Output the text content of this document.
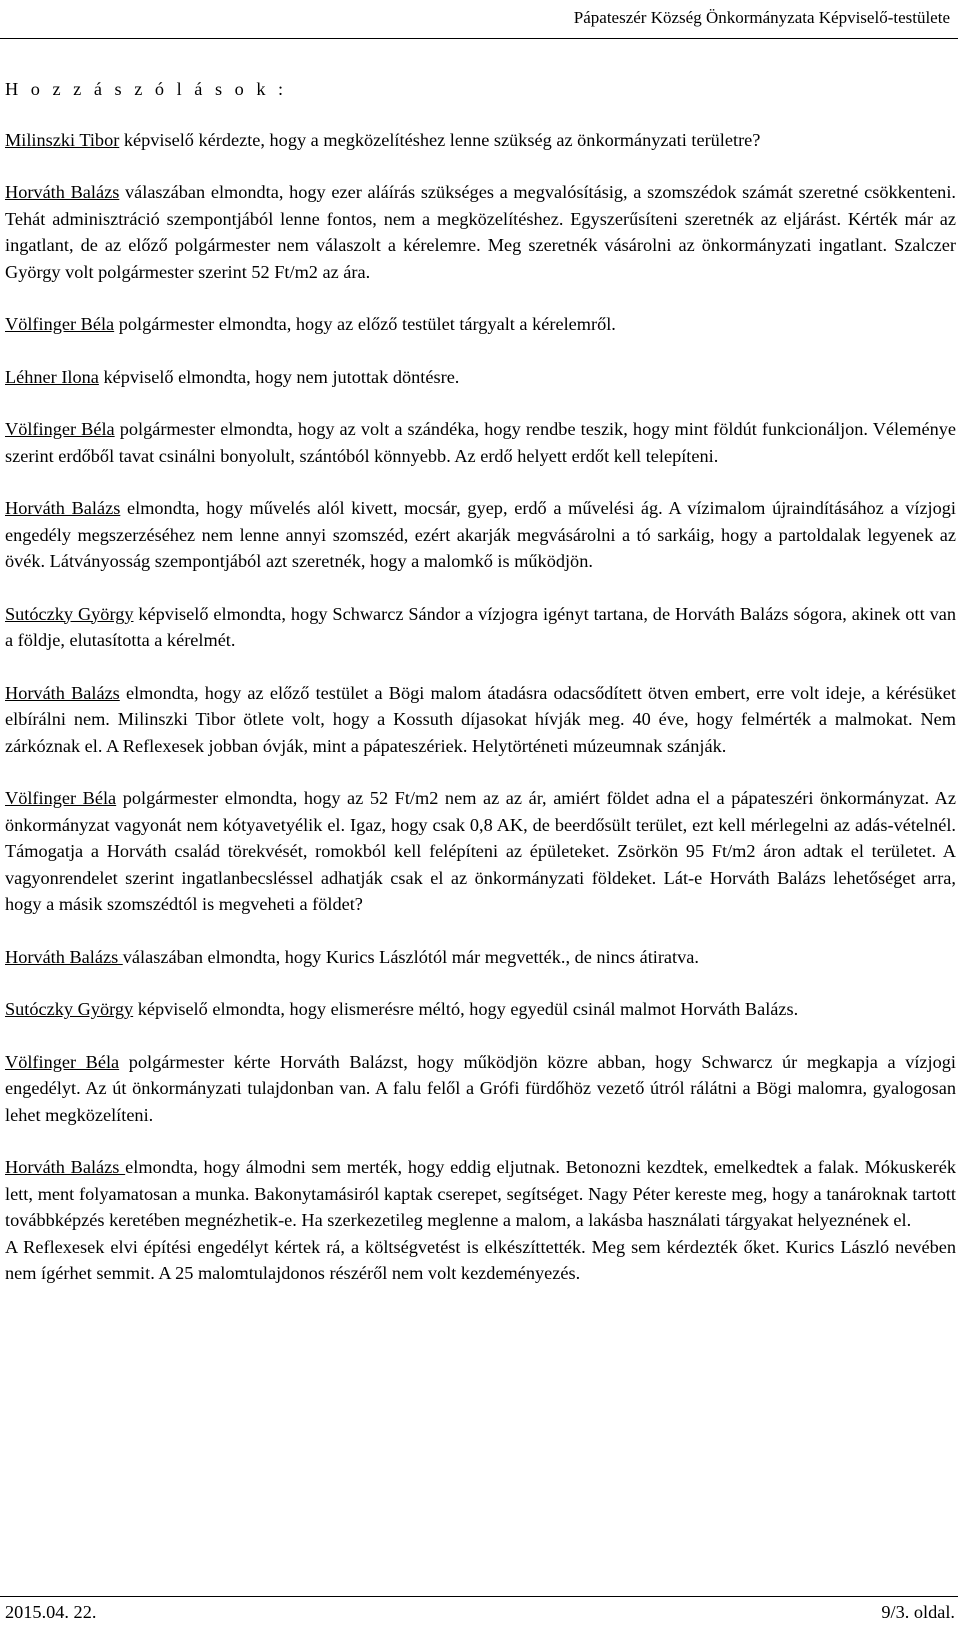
Pápateszér Község Önkormányzata Képviselő-testülete
H o z z á s z ó l á s o k :

Milinszki Tibor képviselő kérdezte, hogy a megközelítéshez lenne szükség az önkormányzati területre?

Horváth Balázs válaszában elmondta, hogy ezer aláírás szükséges a megvalósításig, a szomszédok számát szeretné csökkenteni. Tehát adminisztráció szempontjából lenne fontos, nem a megközelítéshez. Egyszerűsíteni szeretnék az eljárást. Kérték már az ingatlant, de az előző polgármester nem válaszolt a kérelemre. Meg szeretnék vásárolni az önkormányzati ingatlant. Szalczer György volt polgármester szerint 52 Ft/m2 az ára.

Völfinger Béla polgármester elmondta, hogy az előző testület tárgyalt a kérelemről.

Léhner Ilona képviselő elmondta, hogy nem jutottak döntésre.

Völfinger Béla polgármester elmondta, hogy az volt a szándéka, hogy rendbe teszik, hogy mint földút funkcionáljon. Véleménye szerint erdőből tavat csinálni bonyolult, szántóból könnyebb. Az erdő helyett erdőt kell telepíteni.

Horváth Balázs elmondta, hogy művelés alól kivett, mocsár, gyep, erdő a művelési ág. A vízimalom újraindításához a vízjogi engedély megszerzéséhez nem lenne annyi szomszéd, ezért akarják megvásárolni a tó sarkáig, hogy a partoldalak legyenek az övék. Látványosság szempontjából azt szeretnék, hogy a malomkő is működjön.

Sutóczky György képviselő elmondta, hogy Schwarcz Sándor a vízjogra igényt tartana, de Horváth Balázs sógora, akinek ott van a földje, elutasította a kérelmét.

Horváth Balázs elmondta, hogy az előző testület a Bögi malom átadásra odacsődített ötven embert, erre volt ideje, a kérésüket elbírálni nem. Milinszki Tibor ötlete volt, hogy a Kossuth díjasokat hívják meg. 40 éve, hogy felmérték a malmokat. Nem zárkóznak el. A Reflexesek jobban óvják, mint a pápateszériek. Helytörténeti múzeumnak szánják.

Völfinger Béla polgármester elmondta, hogy az 52 Ft/m2 nem az az ár, amiért földet adna el a pápateszéri önkormányzat. Az önkormányzat vagyonát nem kótyavetyélik el. Igaz, hogy csak 0,8 AK, de beerdősült terület, ezt kell mérlegelni az adás-vételnél. Támogatja a Horváth család törekvését, romokból kell felépíteni az épületeket. Zsörkön 95 Ft/m2 áron adtak el területet. A vagyonrendelet szerint ingatlanbecsléssel adhatják csak el az önkormányzati földeket. Lát-e Horváth Balázs lehetőséget arra, hogy a másik szomszédtól is megveheti a földet?

Horváth Balázs válaszában elmondta, hogy Kurics Lászlótól már megvették., de nincs átiratva.

Sutóczky György képviselő elmondta, hogy elismerésre méltó, hogy egyedül csinál malmot Horváth Balázs.

Völfinger Béla polgármester kérte Horváth Balázst, hogy működjön közre abban, hogy Schwarcz úr megkapja a vízjogi engedélyt. Az út önkormányzati tulajdonban van. A falu felől a Grófi fürdőhöz vezető útról rálátni a Bögi malomra, gyalogosan lehet megközelíteni.

Horváth Balázs elmondta, hogy álmodni sem merték, hogy eddig eljutnak. Betonozni kezdtek, emelkedtek a falak. Mókuskerék lett, ment folyamatosan a munka. Bakonytamásiról kaptak cserepet, segítséget. Nagy Péter kereste meg, hogy a tanároknak tartott továbbképzés keretében megnézhetik-e. Ha szerkezetileg meglenne a malom, a lakásba használati tárgyakat helyeznének el.

A Reflexesek elvi építési engedélyt kértek rá, a költségvetést is elkészíttették. Meg sem kérdezték őket. Kurics László nevében nem ígérhet semmit. A 25 malomtulajdonos részéről nem volt kezdeményezés.

2015.04. 22.	9/3. oldal.
